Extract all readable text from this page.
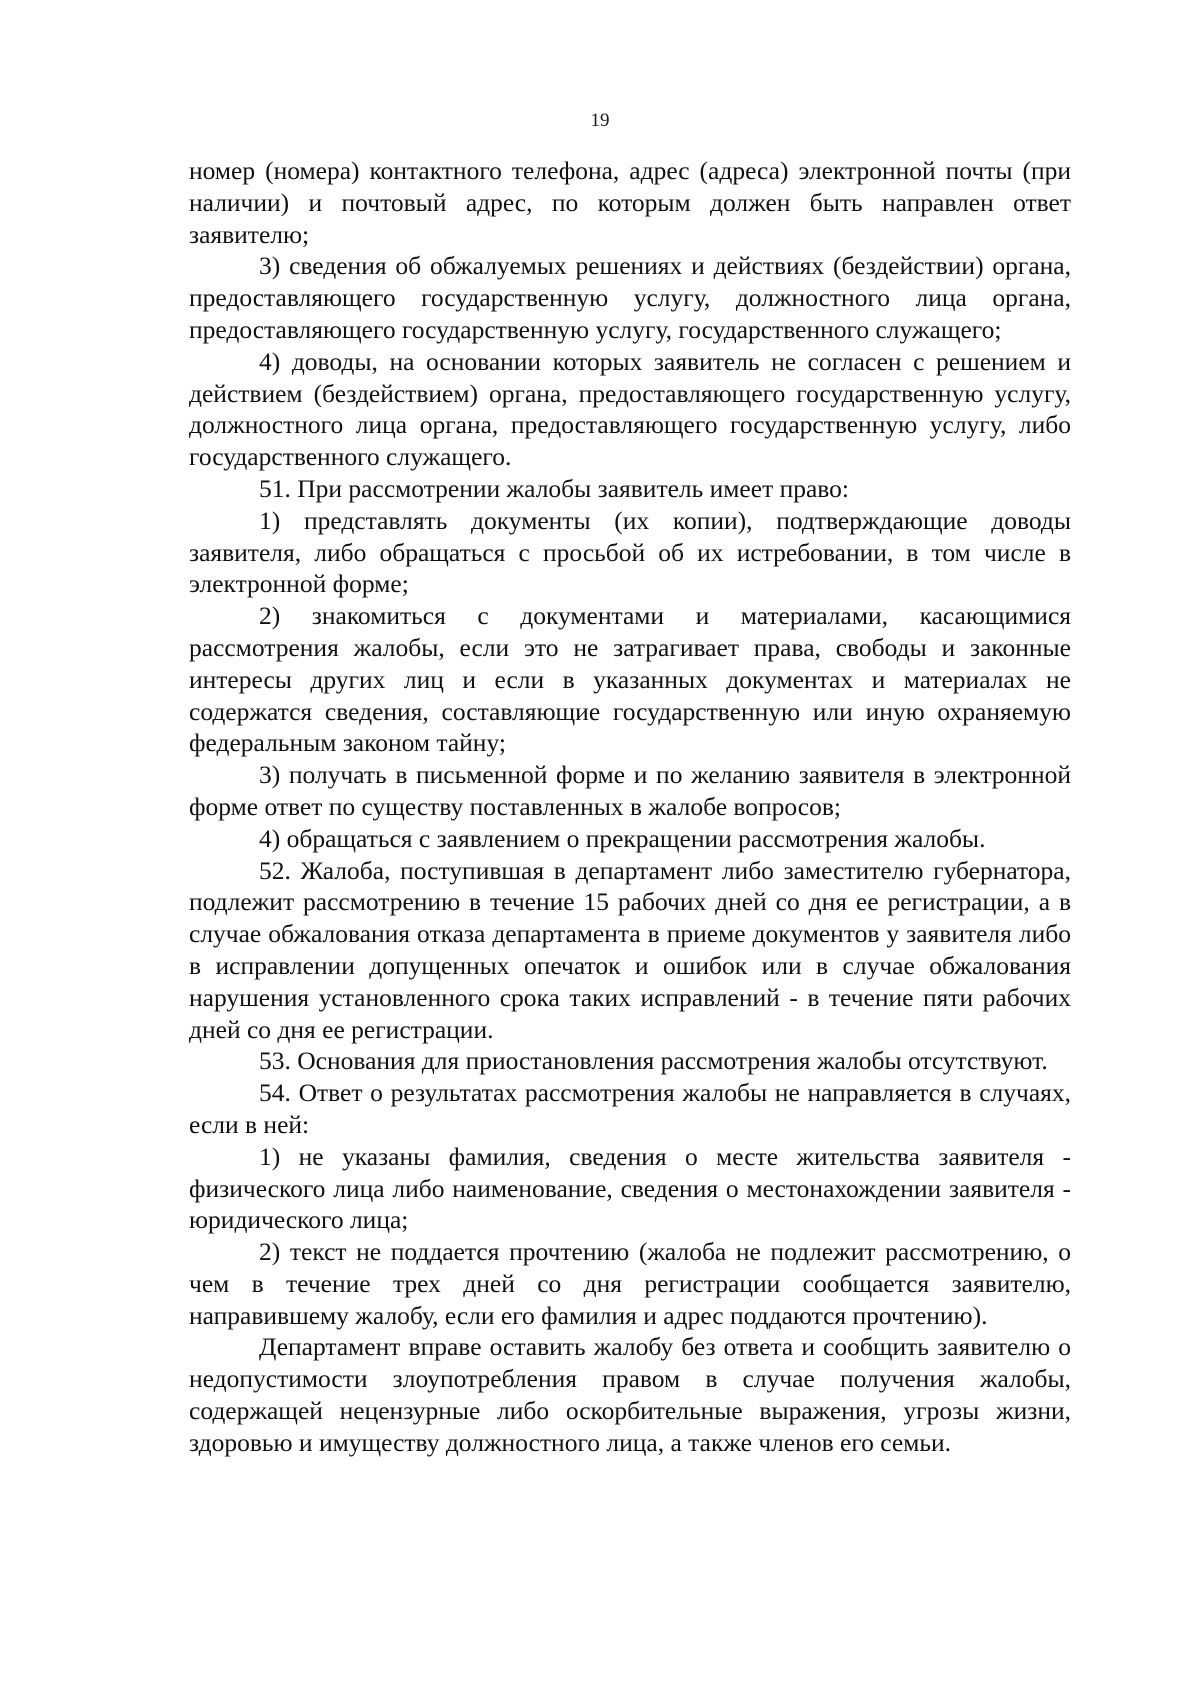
19

номер (номера) контактного телефона, адрес (адреса) электронной почты (при наличии) и почтовый адрес, по которым должен быть направлен ответ заявителю;

3) сведения об обжалуемых решениях и действиях (бездействии) органа, предоставляющего государственную услугу, должностного лица органа, предоставляющего государственную услугу, государственного служащего;

4) доводы, на основании которых заявитель не согласен с решением и действием (бездействием) органа, предоставляющего государственную услугу, должностного лица органа, предоставляющего государственную услугу, либо государственного служащего.

51. При рассмотрении жалобы заявитель имеет право:

1) представлять документы (их копии), подтверждающие доводы заявителя, либо обращаться с просьбой об их истребовании, в том числе в электронной форме;

2) знакомиться с документами и материалами, касающимися рассмотрения жалобы, если это не затрагивает права, свободы и законные интересы других лиц и если в указанных документах и материалах не содержатся сведения, составляющие государственную или иную охраняемую федеральным законом тайну;

3) получать в письменной форме и по желанию заявителя в электронной форме ответ по существу поставленных в жалобе вопросов;

4) обращаться с заявлением о прекращении рассмотрения жалобы.

52. Жалоба, поступившая в департамент либо заместителю губернатора, подлежит рассмотрению в течение 15 рабочих дней со дня ее регистрации, а в случае обжалования отказа департамента в приеме документов у заявителя либо в исправлении допущенных опечаток и ошибок или в случае обжалования нарушения установленного срока таких исправлений - в течение пяти рабочих дней со дня ее регистрации.

53. Основания для приостановления рассмотрения жалобы отсутствуют.

54. Ответ о результатах рассмотрения жалобы не направляется в случаях, если в ней:

1) не указаны фамилия, сведения о месте жительства заявителя - физического лица либо наименование, сведения о местонахождении заявителя - юридического лица;

2) текст не поддается прочтению (жалоба не подлежит рассмотрению, о чем в течение трех дней со дня регистрации сообщается заявителю, направившему жалобу, если его фамилия и адрес поддаются прочтению).

Департамент вправе оставить жалобу без ответа и сообщить заявителю о недопустимости злоупотребления правом в случае получения жалобы, содержащей нецензурные либо оскорбительные выражения, угрозы жизни, здоровью и имуществу должностного лица, а также членов его семьи.
